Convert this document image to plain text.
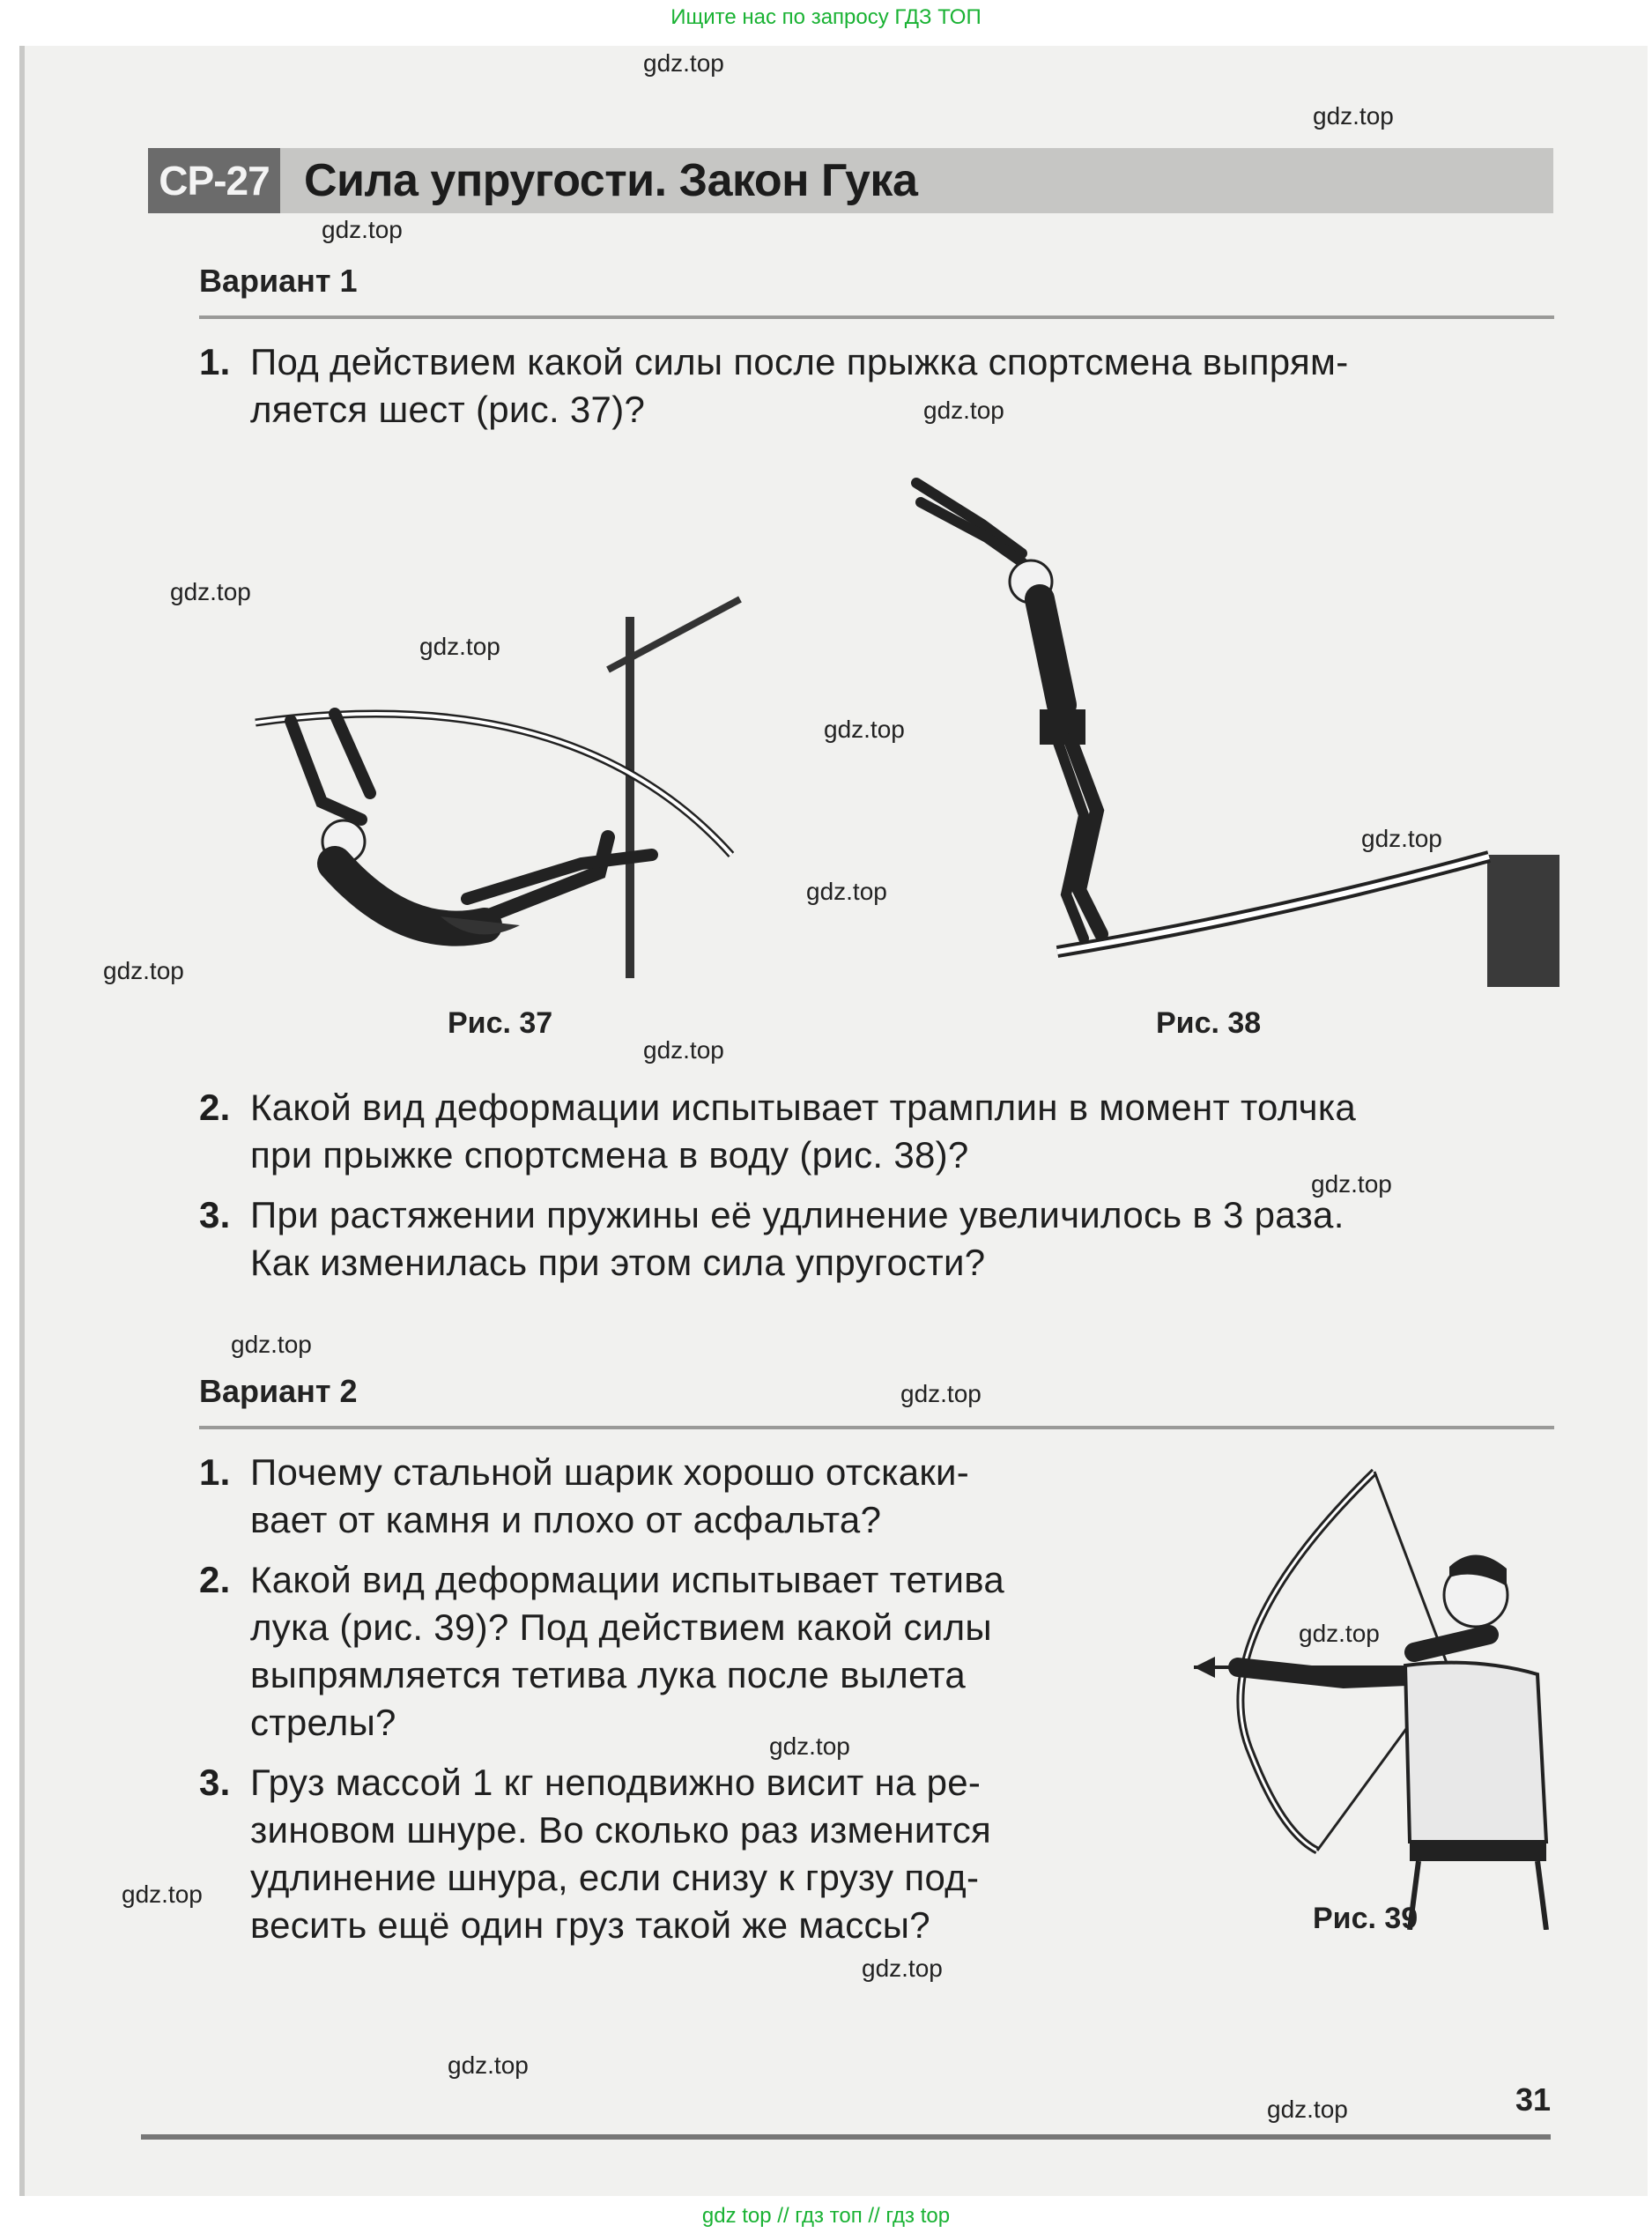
Ищите нас по запросу ГДЗ ТОП
СР-27 Сила упругости. Закон Гука
Вариант 1
1. Под действием какой силы после прыжка спортсмена выпрям-
ляется шест (рис. 37)?
Рис. 37	Рис. 38
2. Какой вид деформации испытывает трамплин в момент толчка
при прыжке спортсмена в воду (рис. 38)?
3. При растяжении пружины её удлинение увеличилось в 3 раза.
Как изменилась при этом сила упругости?
Вариант 2
1. Почему стальной шарик хорошо отскаки-
вает от камня и плохо от асфальта?
2. Какой вид деформации испытывает тетива
лука (рис. 39)? Под действием какой силы
выпрямляется тетива лука после вылета
стрелы?
3. Груз массой 1 кг неподвижно висит на ре-
зиновом шнуре. Во сколько раз изменится
удлинение шнура, если снизу к грузу под-
весить ещё один груз такой же массы?	Рис. 39
gdz.top
gdz.top
gdz.top
gdz.top
gdz.top
gdz.top
gdz.top
gdz.top
gdz.top
gdz.top
gdz.top
gdz.top
gdz.top
gdz.top
gdz.top
gdz.top
gdz.top
gdz.top
gdz.top
gdz.top	31
gdz top // гдз топ // гдз top
